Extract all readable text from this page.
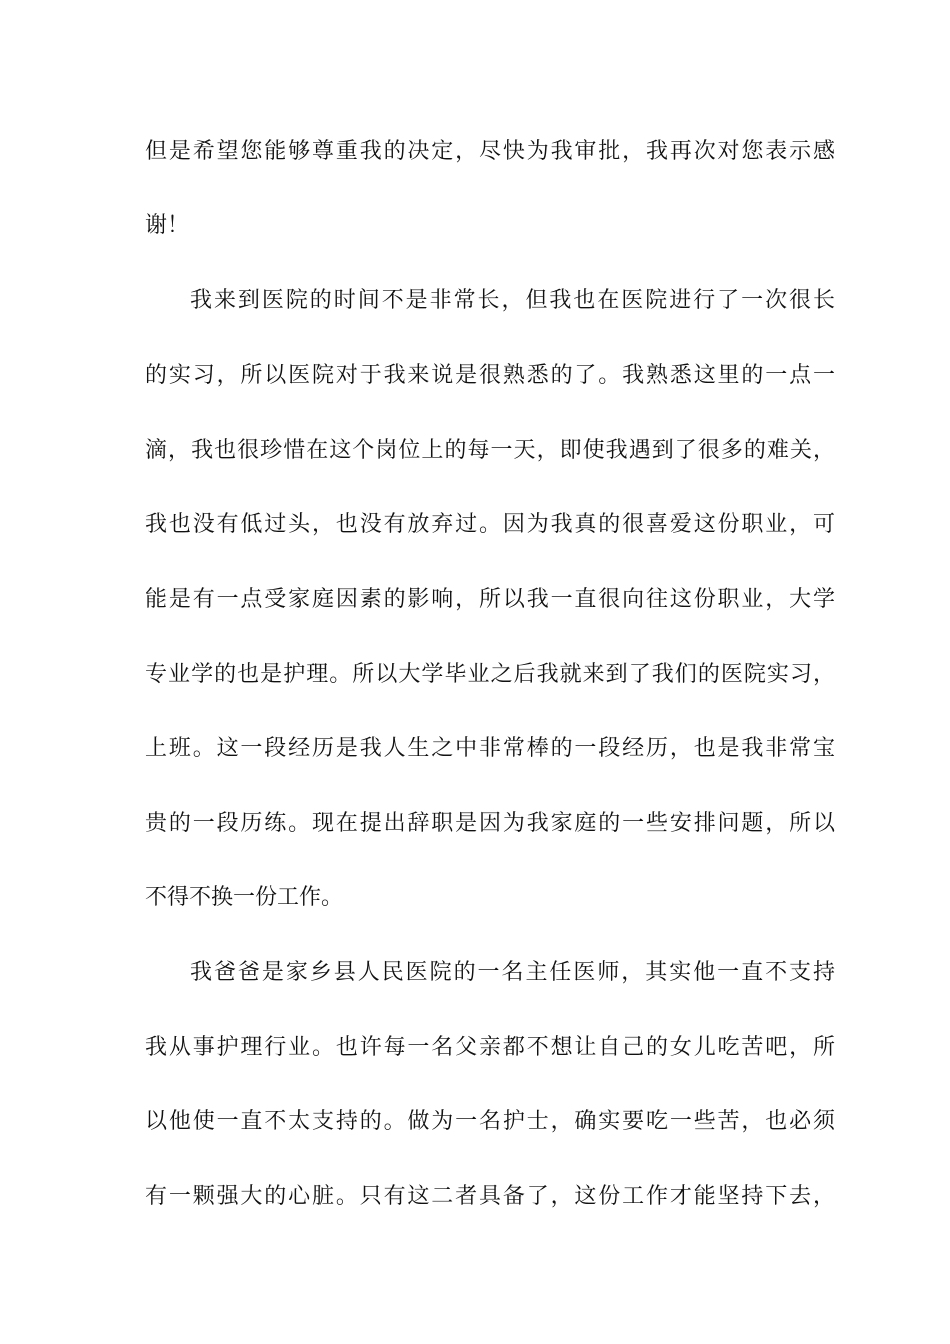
但是希望您能够尊重我的决定，尽快为我审批，我再次对您表示感
谢！
我来到医院的时间不是非常长，但我也在医院进行了一次很长
的实习，所以医院对于我来说是很熟悉的了。我熟悉这里的一点一
滴，我也很珍惜在这个岗位上的每一天，即使我遇到了很多的难关，
我也没有低过头，也没有放弃过。因为我真的很喜爱这份职业，可
能是有一点受家庭因素的影响，所以我一直很向往这份职业，大学
专业学的也是护理。所以大学毕业之后我就来到了我们的医院实习，
上班。这一段经历是我人生之中非常棒的一段经历，也是我非常宝
贵的一段历练。现在提出辞职是因为我家庭的一些安排问题，所以
不得不换一份工作。
我爸爸是家乡县人民医院的一名主任医师，其实他一直不支持
我从事护理行业。也许每一名父亲都不想让自己的女儿吃苦吧，所
以他使一直不太支持的。做为一名护士，确实要吃一些苦，也必须
有一颗强大的心脏。只有这二者具备了，这份工作才能坚持下去，
